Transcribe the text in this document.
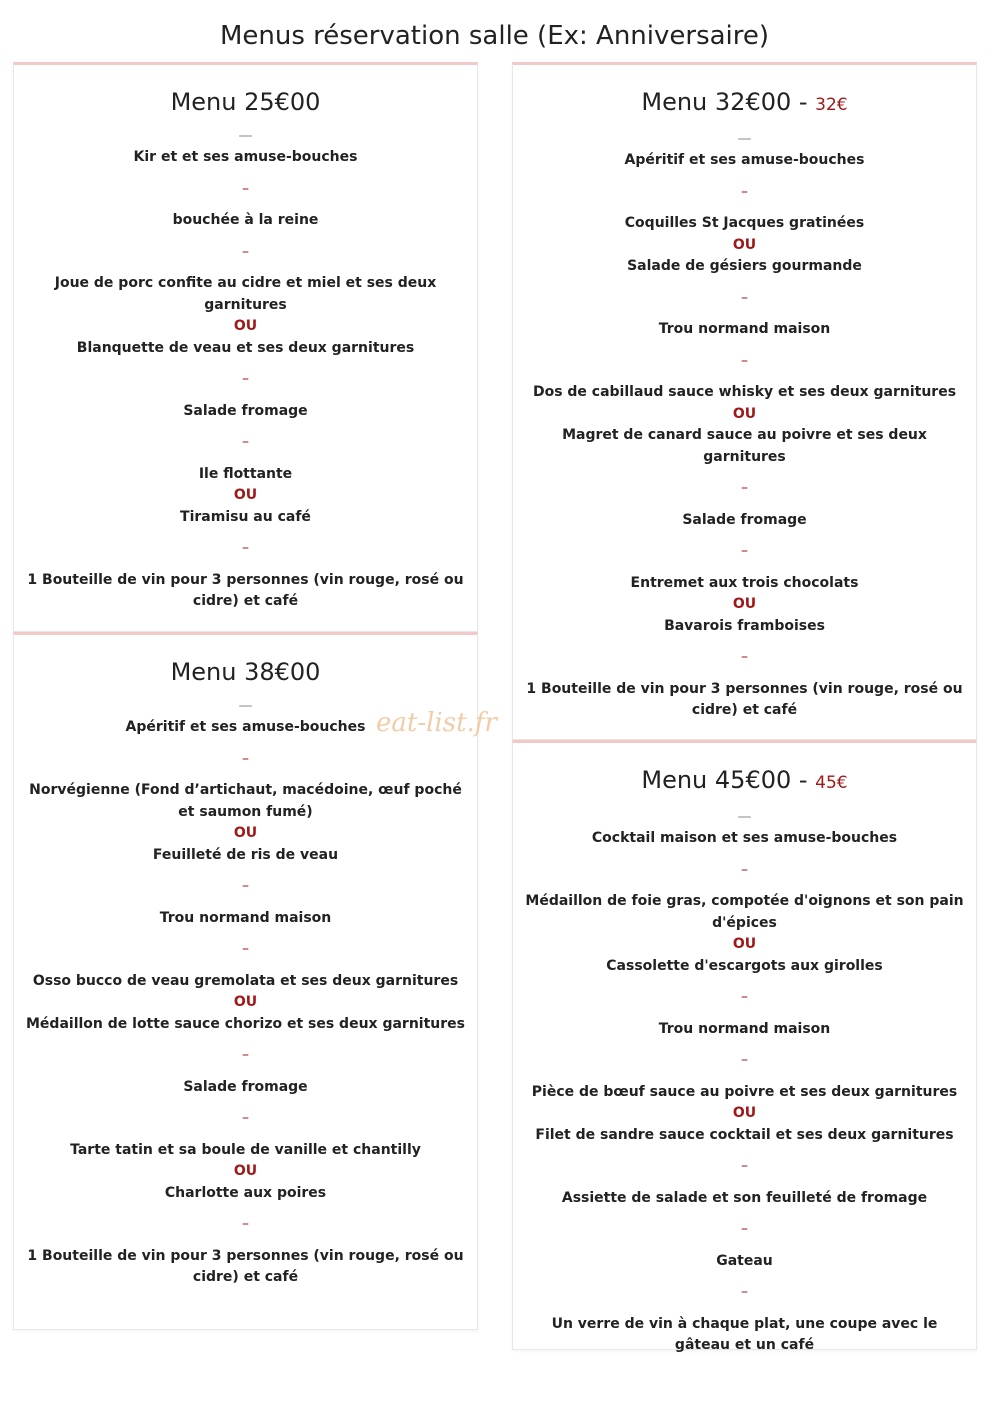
Menus réservation salle (Ex: Anniversaire)
Menu 25€00
—
Kir et et ses amuse-bouches
–
bouchée à la reine
–
Joue de porc confite au cidre et miel et ses deux garnitures
OU
Blanquette de veau et ses deux garnitures
–
Salade fromage
–
Ile flottante
OU
Tiramisu au café
–
1 Bouteille de vin pour 3 personnes (vin rouge, rosé ou cidre) et café
Menu 38€00
—
Apéritif et ses amuse-bouches
–
Norvégienne (Fond d’artichaut, macédoine, œuf poché et saumon fumé)
OU
Feuilleté de ris de veau
–
Trou normand maison
–
Osso bucco de veau gremolata et ses deux garnitures
OU
Médaillon de lotte sauce chorizo et ses deux garnitures
–
Salade fromage
–
Tarte tatin et sa boule de vanille et chantilly
OU
Charlotte aux poires
–
1 Bouteille de vin pour 3 personnes (vin rouge, rosé ou cidre) et café
Menu 32€00 - 32€
—
Apéritif et ses amuse-bouches
–
Coquilles St Jacques gratinées
OU
Salade de gésiers gourmande
–
Trou normand maison
–
Dos de cabillaud sauce whisky et ses deux garnitures
OU
Magret de canard sauce au poivre et ses deux garnitures
–
Salade fromage
–
Entremet aux trois chocolats
OU
Bavarois framboises
–
1 Bouteille de vin pour 3 personnes (vin rouge, rosé ou cidre) et café
Menu 45€00 - 45€
—
Cocktail maison et ses amuse-bouches
–
Médaillon de foie gras, compotée d'oignons et son pain d'épices
OU
Cassolette d'escargots aux girolles
–
Trou normand maison
–
Pièce de bœuf sauce au poivre et ses deux garnitures
OU
Filet de sandre sauce cocktail et ses deux garnitures
–
Assiette de salade et son feuilleté de fromage
–
Gateau
–
Un verre de vin à chaque plat, une coupe avec le gâteau et un café
eat-list.fr
